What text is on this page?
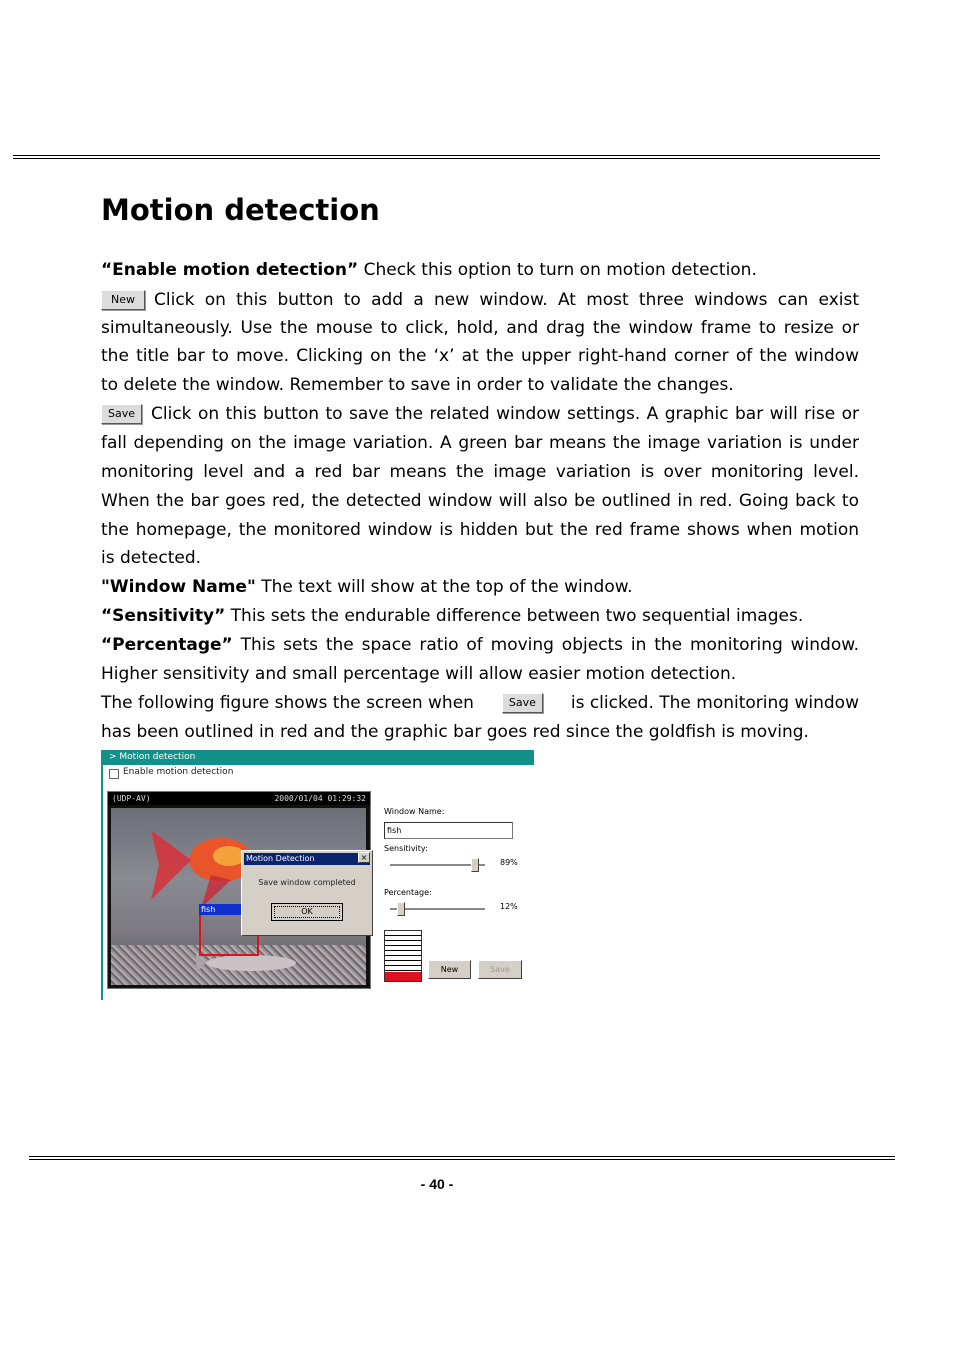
Motion detection
“Enable motion detection” Check this option to turn on motion detection.
New	Click on this button to add a new window. At most three windows can exist
simultaneously. Use the mouse to click, hold, and drag the window frame to resize or
the title bar to move. Clicking on the ‘x’ at the upper right-hand corner of the window
to delete the window. Remember to save in order to validate the changes.
Save Click on this button to save the related window settings. A graphic bar will rise or
fall depending on the image variation. A green bar means the image variation is under
monitoring level and a red bar means the image variation is over monitoring level.
When the bar goes red, the detected window will also be outlined in red. Going back to
the homepage, the monitored window is hidden but the red frame shows when motion
is detected.
"Window Name" The text will show at the top of the window.
“Sensitivity” This sets the endurable difference between two sequential images.
“Percentage” This sets the space ratio of moving objects in the monitoring window.
Higher sensitivity and small percentage will allow easier motion detection.
The following figure shows the screen when	Save	is clicked. The monitoring window
has been outlined in red and the graphic bar goes red since the goldfish is moving.
> Motion detection
Enable motion detection
(UDP-AV)	2000/01/04 01:29:32
fish
Motion Detection	×
Save window completed
OK
Window Name:
fish
Sensitivity:
89%
Percentage:
12%
New	Save
- 40 -
